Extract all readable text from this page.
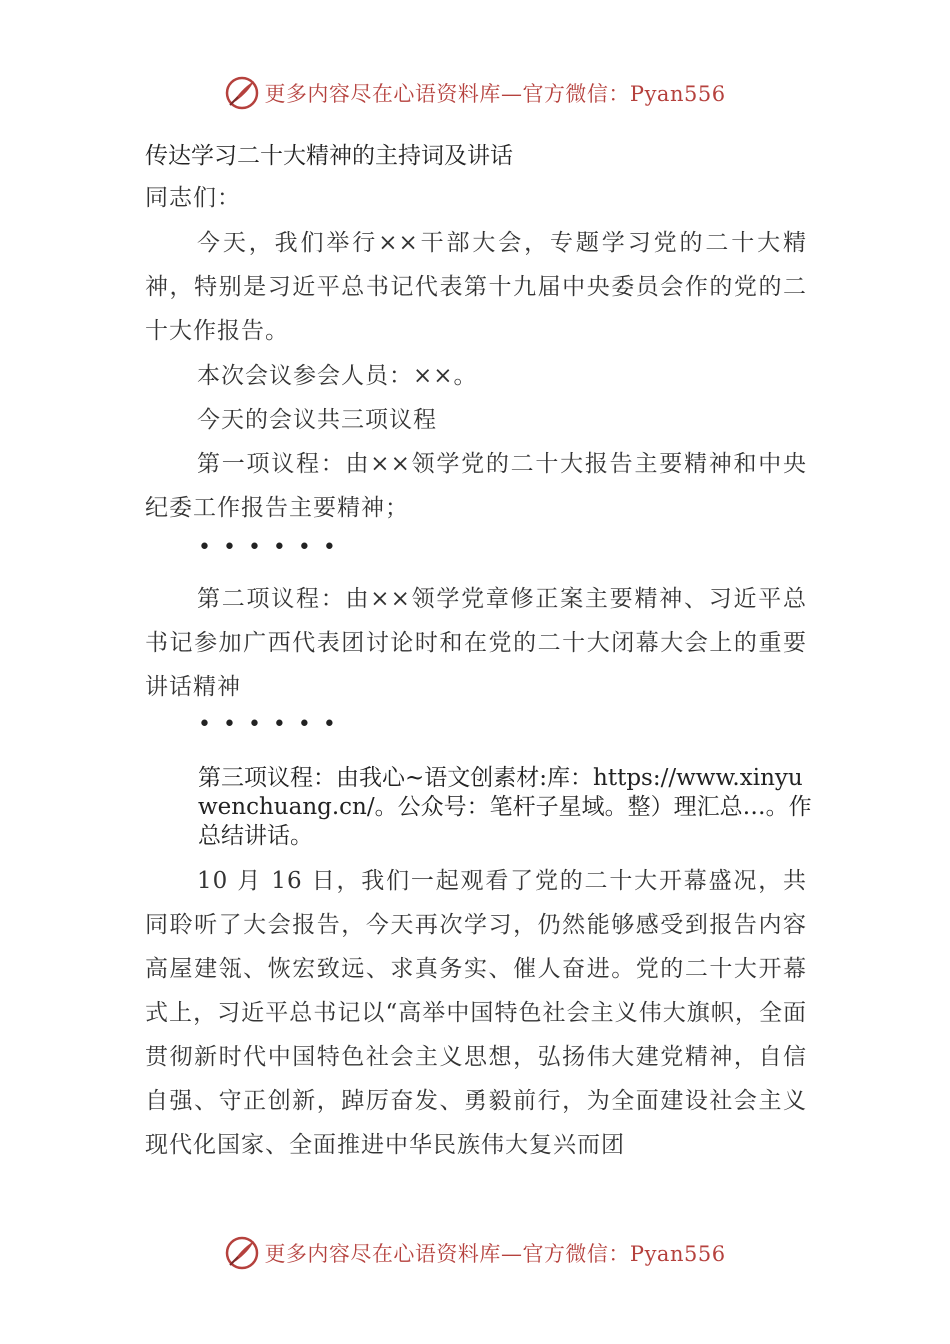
更多内容尽在心语资料库—官方微信：Pyan556
传达学习二十大精神的主持词及讲话
同志们：
今天，我们举行××干部大会，专题学习党的二十大精神，特别是习近平总书记代表第十九届中央委员会作的党的二十大作报告。
本次会议参会人员：××。
今天的会议共三项议程
第一项议程：由××领学党的二十大报告主要精神和中央纪委工作报告主要精神；
••••••
第二项议程：由××领学党章修正案主要精神、习近平总书记参加广西代表团讨论时和在党的二十大闭幕大会上的重要讲话精神
••••••
第三项议程：由我心~语文创素材:库：https://www.xinyuwenchuang.cn/。公众号：笔杆子星域。整）理汇总…。作总结讲话。
10 月 16 日，我们一起观看了党的二十大开幕盛况，共同聆听了大会报告，今天再次学习，仍然能够感受到报告内容高屋建瓴、恢宏致远、求真务实、催人奋进。党的二十大开幕式上，习近平总书记以“高举中国特色社会主义伟大旗帜，全面贯彻新时代中国特色社会主义思想，弘扬伟大建党精神，自信自强、守正创新，踔厉奋发、勇毅前行，为全面建设社会主义现代化国家、全面推进中华民族伟大复兴而团
更多内容尽在心语资料库—官方微信：Pyan556
